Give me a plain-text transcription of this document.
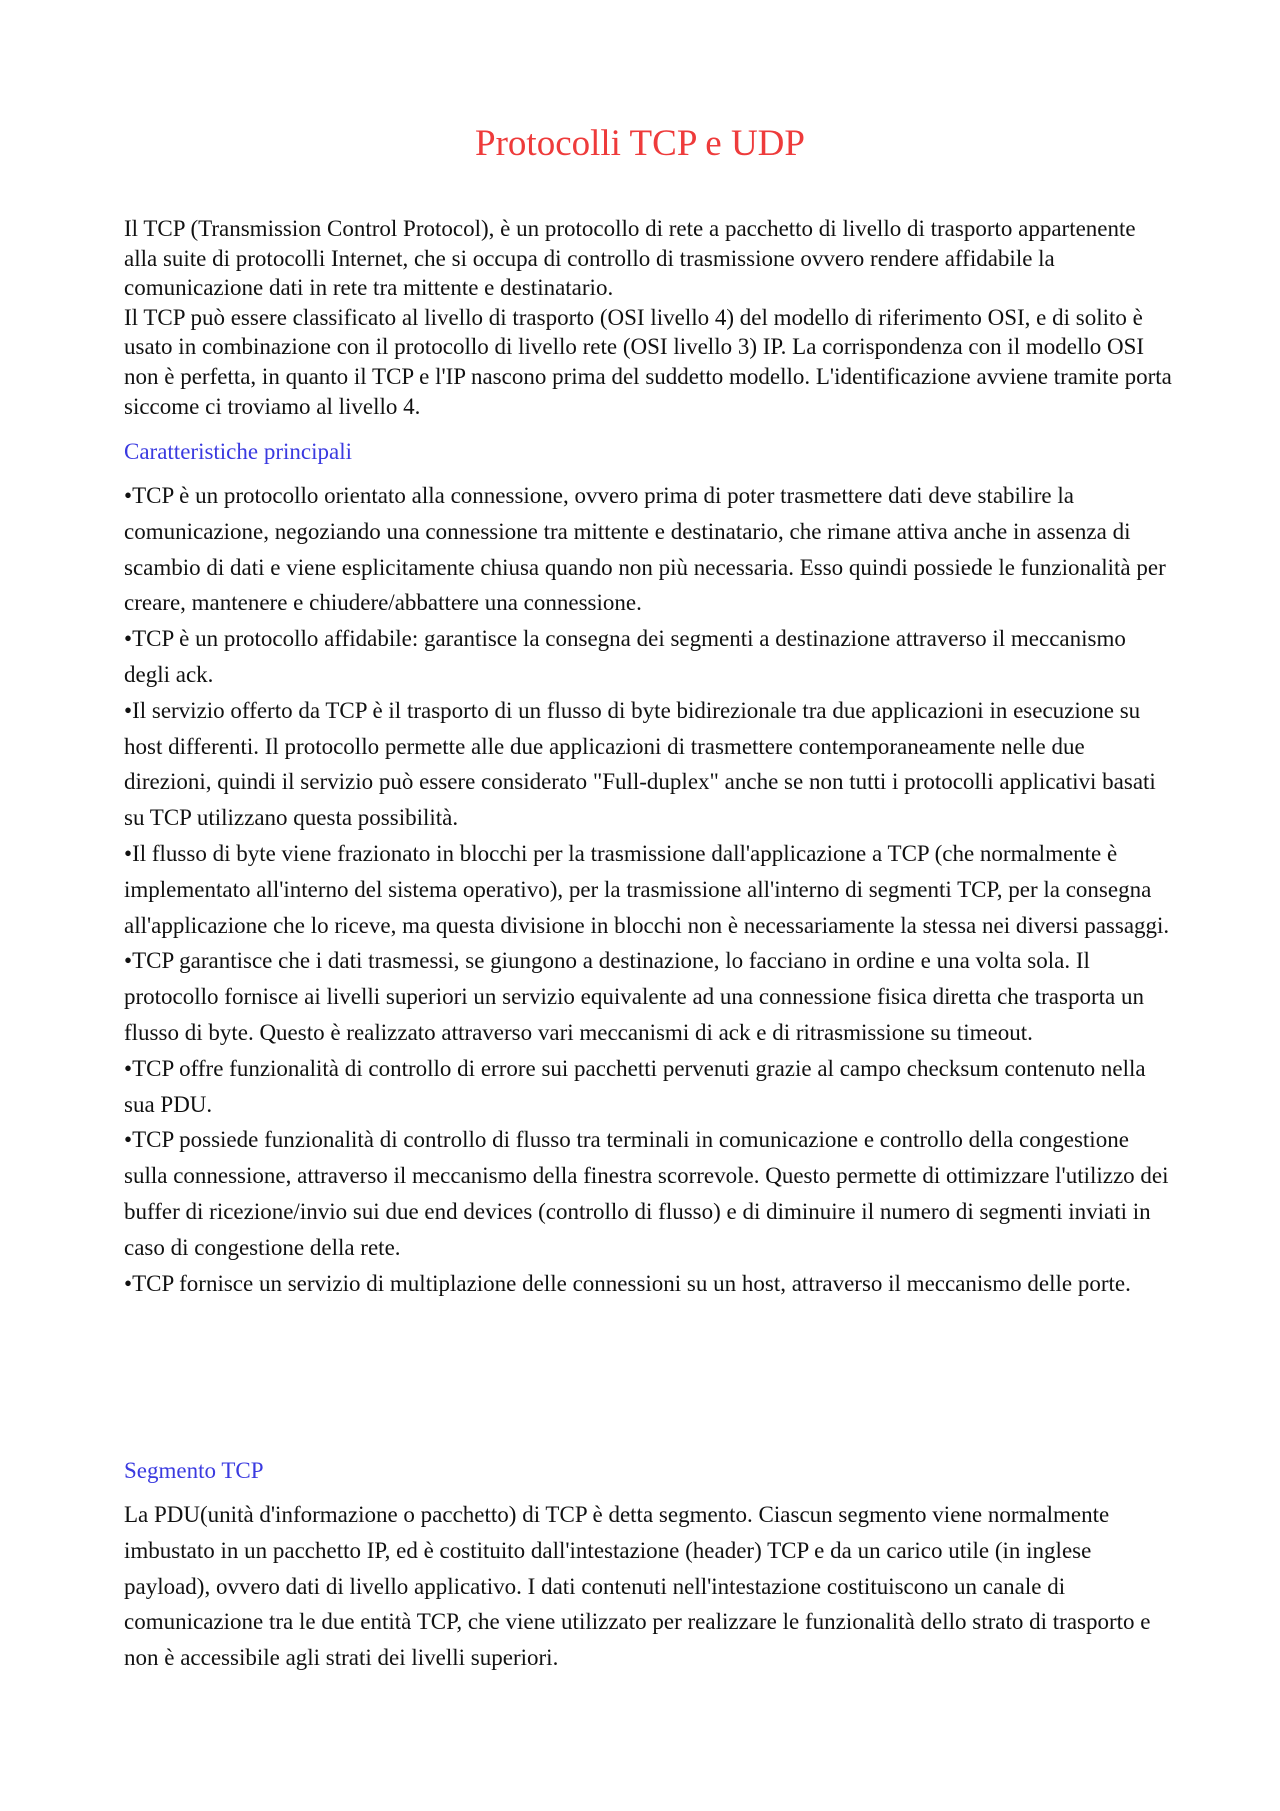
Protocolli TCP e UDP

Il TCP (Transmission Control Protocol), è un protocollo di rete a pacchetto di livello di trasporto appartenente alla suite di protocolli Internet, che si occupa di controllo di trasmissione ovvero rendere affidabile la comunicazione dati in rete tra mittente e destinatario.

Il TCP può essere classificato al livello di trasporto (OSI livello 4) del modello di riferimento OSI, e di solito è usato in combinazione con il protocollo di livello rete (OSI livello 3) IP. La corrispondenza con il modello OSI non è perfetta, in quanto il TCP e l'IP nascono prima del suddetto modello. L'identificazione avviene tramite porta siccome ci troviamo al livello 4.

Caratteristiche principali
•TCP è un protocollo orientato alla connessione, ovvero prima di poter trasmettere dati deve stabilire la comunicazione, negoziando una connessione tra mittente e destinatario, che rimane attiva anche in assenza di scambio di dati e viene esplicitamente chiusa quando non più necessaria. Esso quindi possiede le funzionalità per creare, mantenere e chiudere/abbattere una connessione.
•TCP è un protocollo affidabile: garantisce la consegna dei segmenti a destinazione attraverso il meccanismo degli ack.
•Il servizio offerto da TCP è il trasporto di un flusso di byte bidirezionale tra due applicazioni in esecuzione su host differenti. Il protocollo permette alle due applicazioni di trasmettere contemporaneamente nelle due direzioni, quindi il servizio può essere considerato "Full-duplex" anche se non tutti i protocolli applicativi basati su TCP utilizzano questa possibilità.
•Il flusso di byte viene frazionato in blocchi per la trasmissione dall'applicazione a TCP (che normalmente è implementato all'interno del sistema operativo), per la trasmissione all'interno di segmenti TCP, per la consegna all'applicazione che lo riceve, ma questa divisione in blocchi non è necessariamente la stessa nei diversi passaggi.
•TCP garantisce che i dati trasmessi, se giungono a destinazione, lo facciano in ordine e una volta sola. Il protocollo fornisce ai livelli superiori un servizio equivalente ad una connessione fisica diretta che trasporta un flusso di byte. Questo è realizzato attraverso vari meccanismi di ack e di ritrasmissione su timeout.
•TCP offre funzionalità di controllo di errore sui pacchetti pervenuti grazie al campo checksum contenuto nella sua PDU.
•TCP possiede funzionalità di controllo di flusso tra terminali in comunicazione e controllo della congestione sulla connessione, attraverso il meccanismo della finestra scorrevole. Questo permette di ottimizzare l'utilizzo dei buffer di ricezione/invio sui due end devices (controllo di flusso) e di diminuire il numero di segmenti inviati in caso di congestione della rete.
•TCP fornisce un servizio di multiplazione delle connessioni su un host, attraverso il meccanismo delle porte.
Segmento TCP

La PDU(unità d'informazione o pacchetto) di TCP è detta segmento. Ciascun segmento viene normalmente imbustato in un pacchetto IP, ed è costituito dall'intestazione (header) TCP e da un carico utile (in inglese payload), ovvero dati di livello applicativo. I dati contenuti nell'intestazione costituiscono un canale di comunicazione tra le due entità TCP, che viene utilizzato per realizzare le funzionalità dello strato di trasporto e non è accessibile agli strati dei livelli superiori.
